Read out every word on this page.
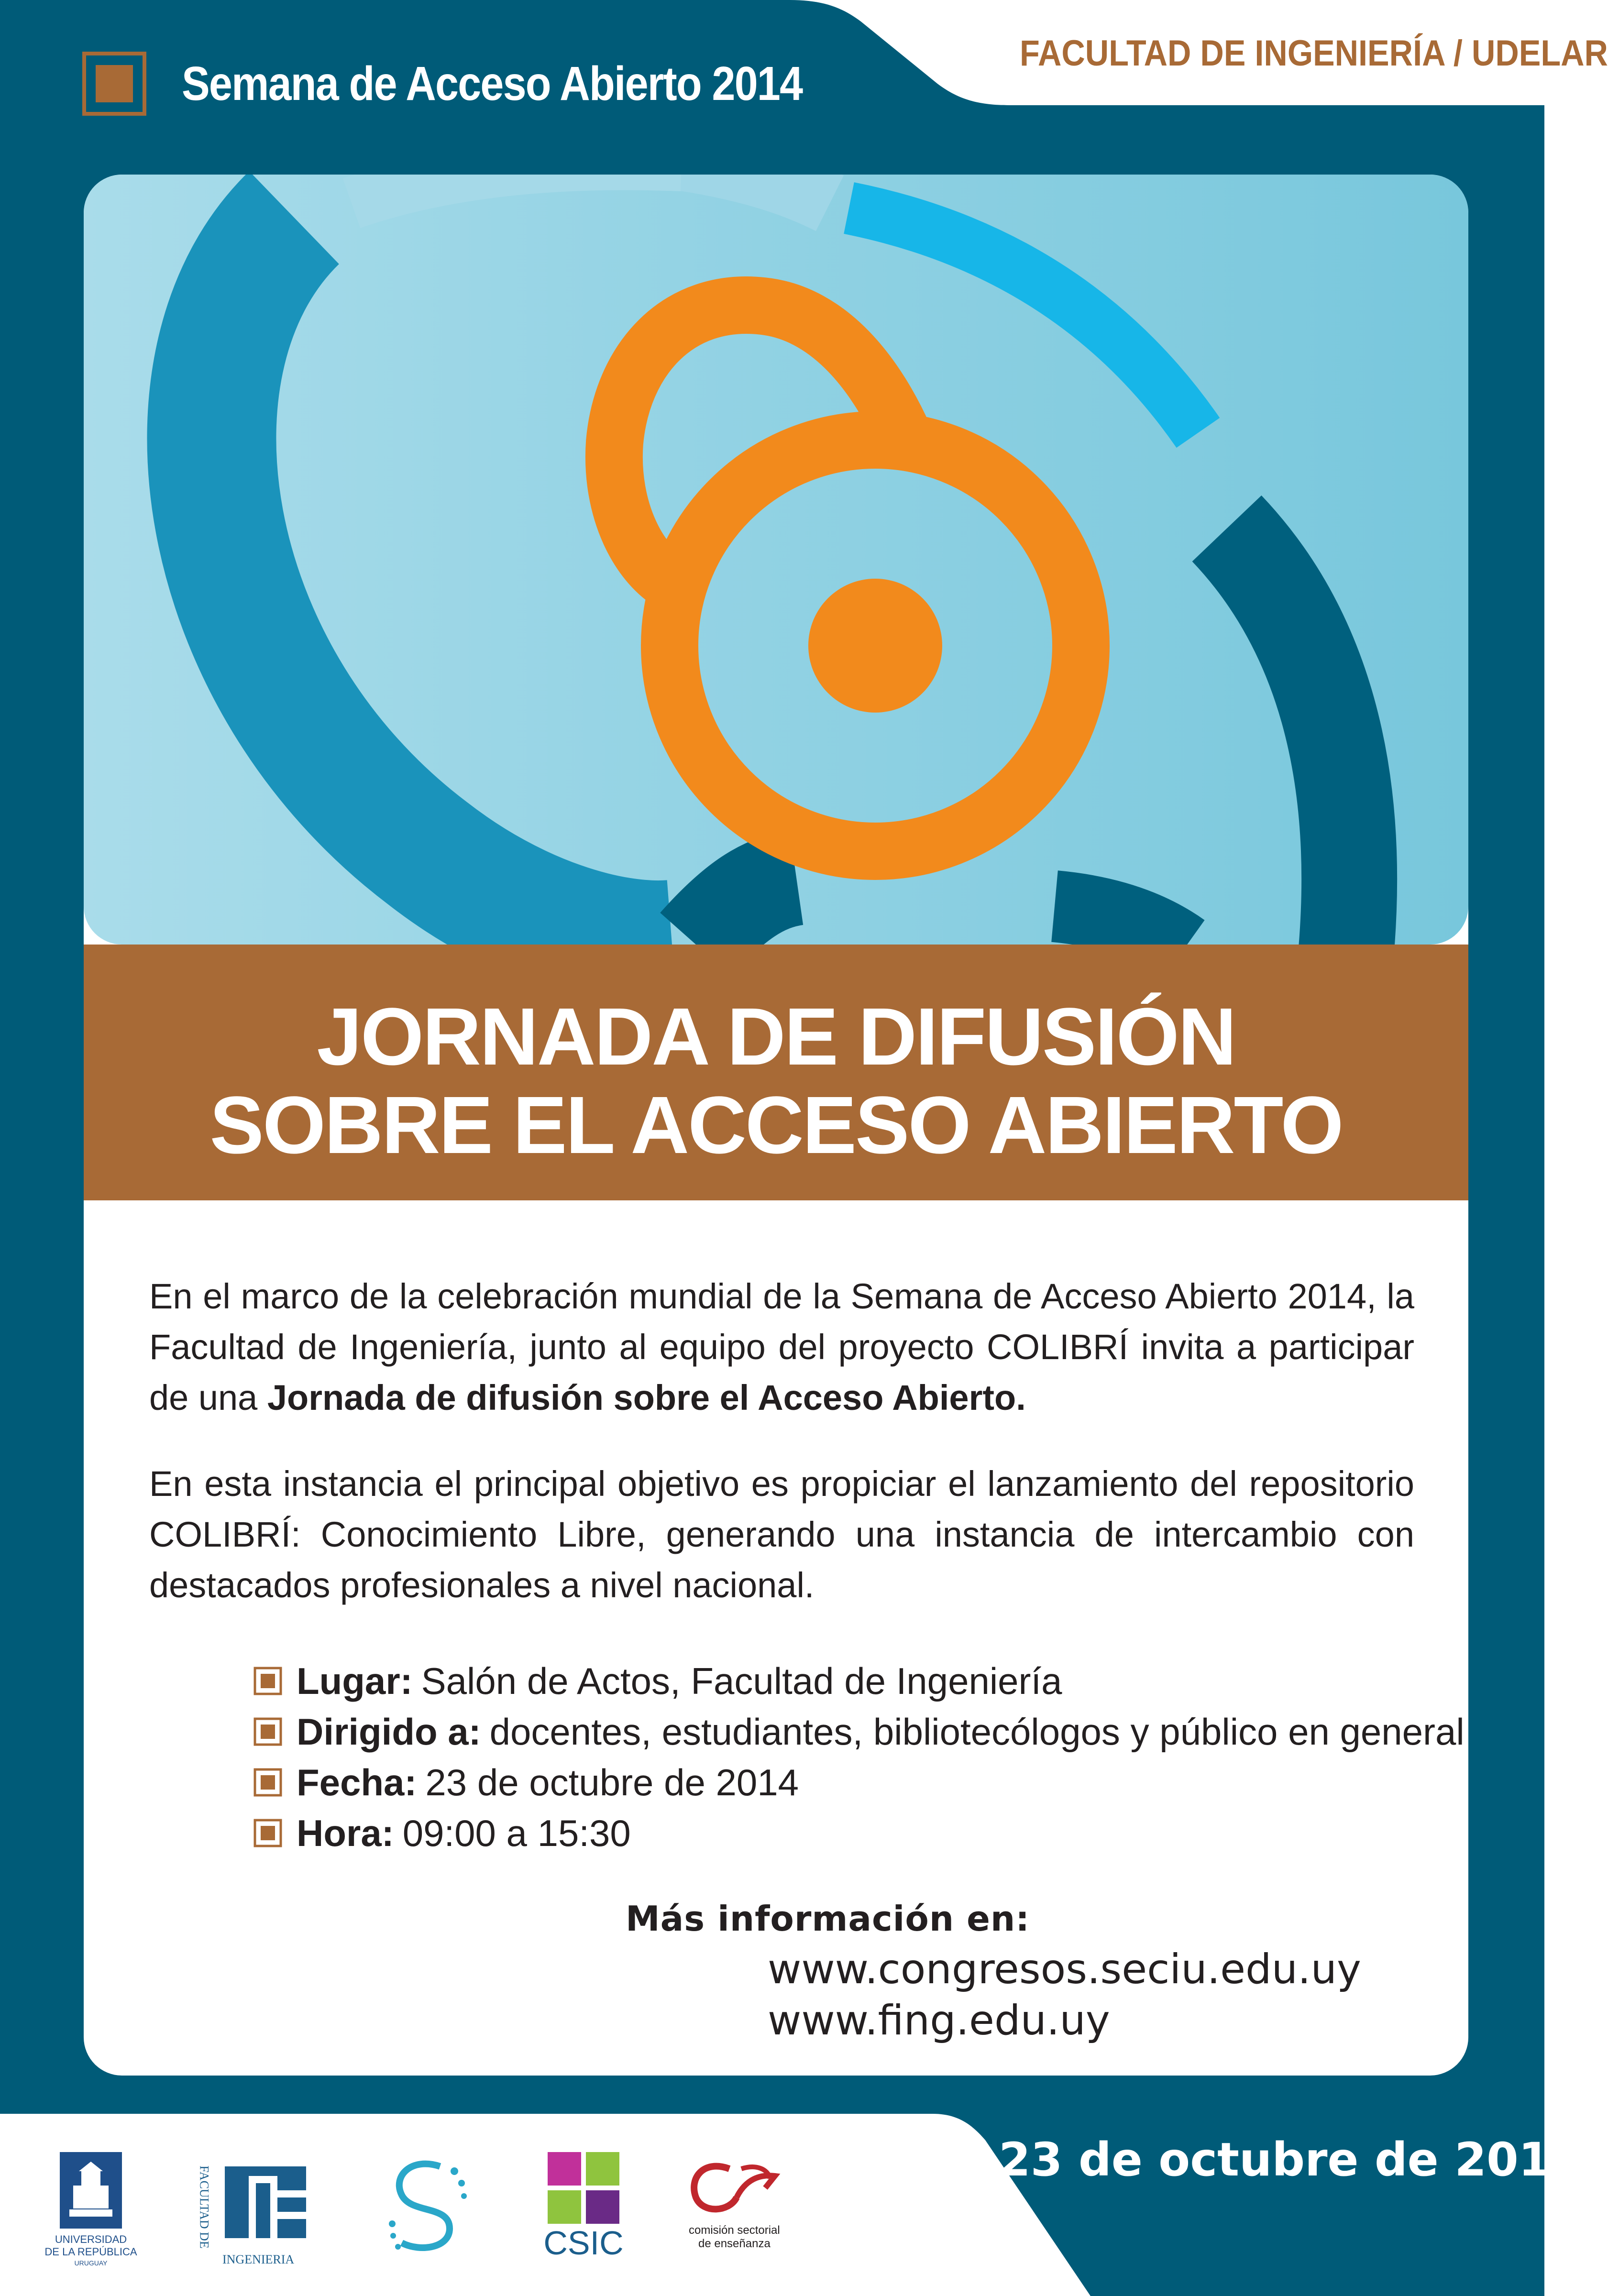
Semana de Acceso Abierto 2014
FACULTAD DE INGENIERÍA / UDELAR
JORNADA DE DIFUSIÓN
SOBRE EL ACCESO ABIERTO
En el marco de la celebración mundial de la Semana de Acceso Abierto 2014, la Facultad de Ingeniería, junto al equipo del proyecto COLIBRÍ invita a participar de una Jornada de difusión sobre el Acceso Abierto.
En esta instancia el principal objetivo es propiciar el lanzamiento del repositorio COLIBRÍ: Conocimiento Libre, generando una instancia de intercambio con destacados profesionales a nivel nacional.
Lugar: Salón de Actos, Facultad de Ingeniería
Dirigido a: docentes, estudiantes, bibliotecólogos y público en general
Fecha: 23 de octubre de 2014
Hora: 09:00 a 15:30
Más información en:
www.congresos.seciu.edu.uy
www.fing.edu.uy
23 de octubre de 2014
UNIVERSIDAD
DE LA REPÚBLICA
URUGUAY
FACULTAD DE
INGENIERIA	CSIC	comisión sectorial
de enseñanza
